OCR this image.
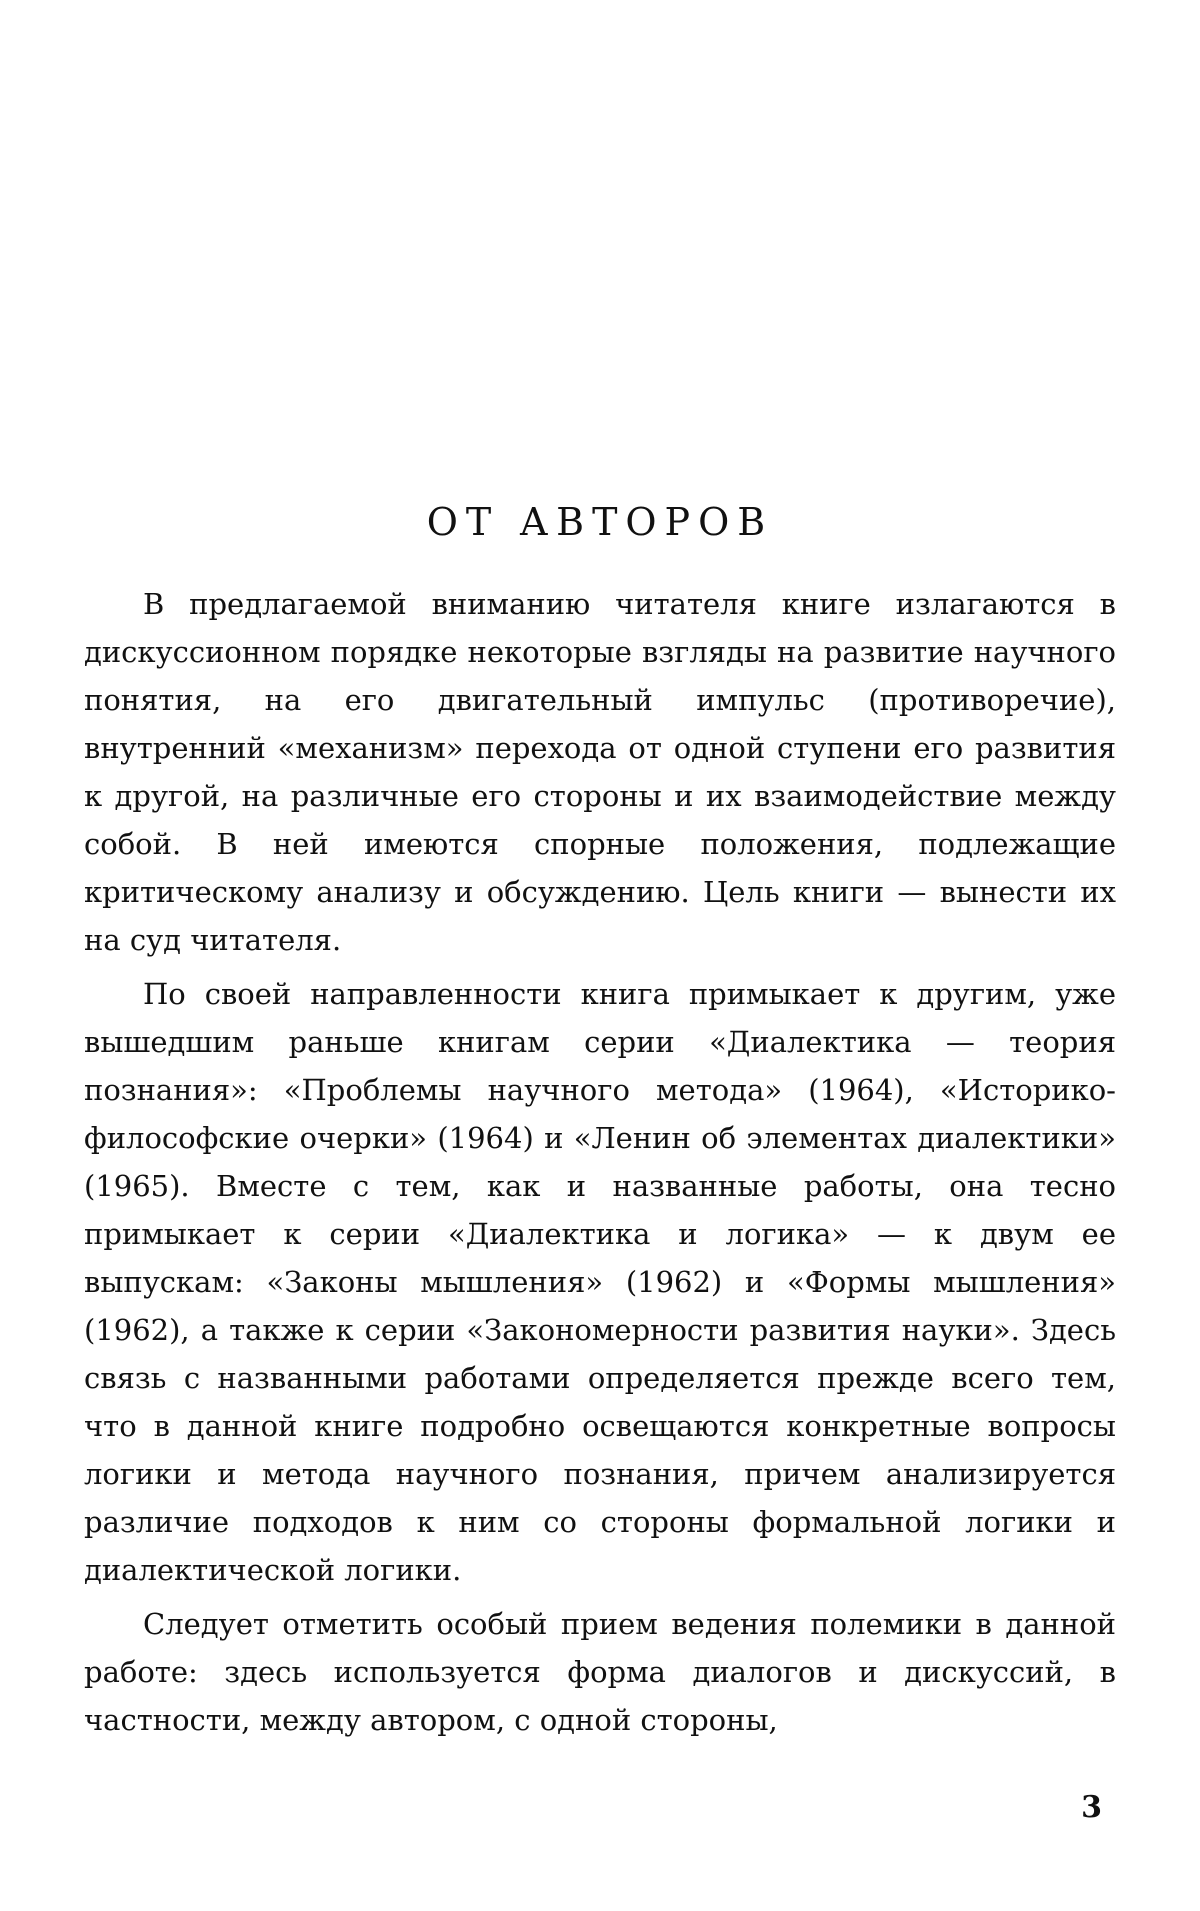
ОТ АВТОРОВ

В предлагаемой вниманию читателя книге излагаются в дискуссионном порядке некоторые взгляды на развитие научного понятия, на его двигательный импульс (противоречие), внутренний «механизм» перехода от одной ступени его развития к другой, на различные его стороны и их взаимодействие между собой. В ней имеются спорные положения, подлежащие критическому анализу и обсуждению. Цель книги — вынести их на суд читателя.

По своей направленности книга примыкает к другим, уже вышедшим раньше книгам серии «Диалектика — теория познания»: «Проблемы научного метода» (1964), «Историко-философские очерки» (1964) и «Ленин об элементах диалектики» (1965). Вместе с тем, как и названные работы, она тесно примыкает к серии «Диалектика и логика» — к двум ее выпускам: «Законы мышления» (1962) и «Формы мышления» (1962), а также к серии «Закономерности развития науки». Здесь связь с названными работами определяется прежде всего тем, что в данной книге подробно освещаются конкретные вопросы логики и метода научного познания, причем анализируется различие подходов к ним со стороны формальной логики и диалектической логики.

Следует отметить особый прием ведения полемики в данной работе: здесь используется форма диалогов и дискуссий, в частности, между автором, с одной стороны,

3
